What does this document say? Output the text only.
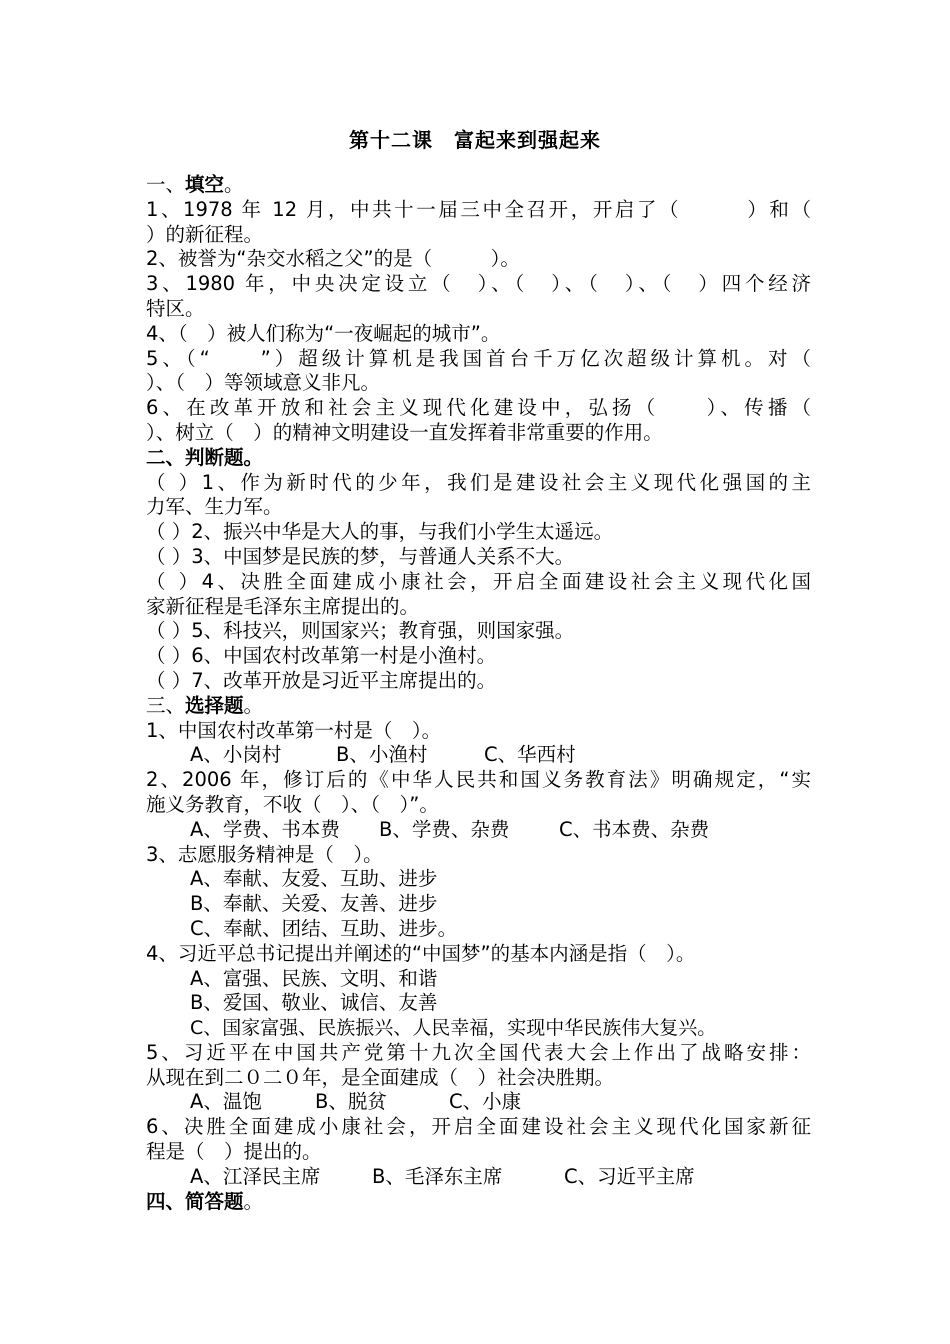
第十二课　富起来到强起来
一、填空。
1、1978 年 12 月，中共十一届三中全召开，开启了（　　　）和（
）的新征程。
2、被誉为“杂交水稻之父”的是（　　　）。
3、1980 年，中央决定设立（　）、（　）、（　）、（　）四个经济
特区。
4、（　）被人们称为“一夜崛起的城市”。
5、（“　　”）超级计算机是我国首台千万亿次超级计算机。对（
）、（　）等领域意义非凡。
6、在改革开放和社会主义现代化建设中，弘扬（　　）、传播（
）、树立（　）的精神文明建设一直发挥着非常重要的作用。
二、判断题。
（ ）1、作为新时代的少年，我们是建设社会主义现代化强国的主
力军、生力军。
（ ）2、振兴中华是大人的事，与我们小学生太遥远。
（ ）3、中国梦是民族的梦，与普通人关系不大。
（ ）4、决胜全面建成小康社会，开启全面建设社会主义现代化国
家新征程是毛泽东主席提出的。
（ ）5、科技兴，则国家兴；教育强，则国家强。
（ ）6、中国农村改革第一村是小渔村。
（ ）7、改革开放是习近平主席提出的。
三、选择题。
1、中国农村改革第一村是（　）。
A、小岗村	B、小渔村	C、华西村
2、2006 年，修订后的《中华人民共和国义务教育法》明确规定，“实
施义务教育，不收（　）、（　）”。
A、学费、书本费 B、学费、杂费	C、书本费、杂费
3、志愿服务精神是（　）。
A、奉献、友爱、互助、进步
B、奉献、关爱、友善、进步
C、奉献、团结、互助、进步。
4、习近平总书记提出并阐述的“中国梦”的基本内涵是指（　）。
A、富强、民族、文明、和谐
B、爱国、敬业、诚信、友善
C、国家富强、民族振兴、人民幸福，实现中华民族伟大复兴。
5、习近平在中国共产党第十九次全国代表大会上作出了战略安排：
从现在到二０二０年，是全面建成（　）社会决胜期。
A、温饱	B、脱贫	C、小康
6、决胜全面建成小康社会，开启全面建设社会主义现代化国家新征
程是（　）提出的。
A、江泽民主席	B、毛泽东主席	C、习近平主席
四、简答题。
